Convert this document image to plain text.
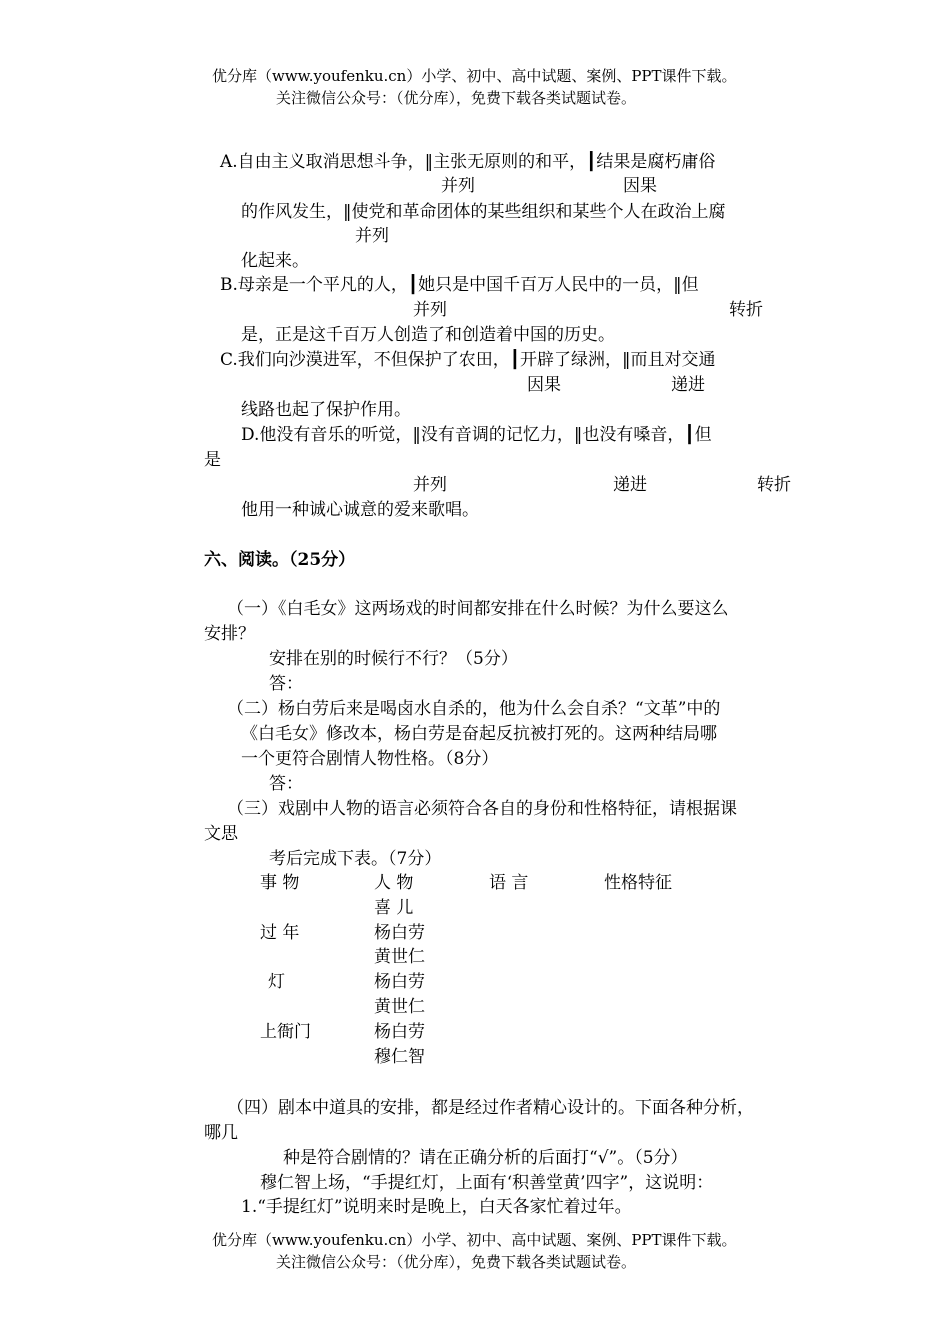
优分库（www.youfenku.cn）小学、初中、高中试题、案例、PPT课件下载。
关注微信公众号：（优分库），免费下载各类试题试卷。
A.自由主义取消思想斗争，‖主张无原则的和平，┃结果是腐朽庸俗
并列	因果
的作风发生，‖使党和革命团体的某些组织和某些个人在政治上腐
并列
化起来。
B.母亲是一个平凡的人，┃她只是中国千百万人民中的一员，‖但
并列	转折
是，正是这千百万人创造了和创造着中国的历史。
C.我们向沙漠进军，不但保护了农田，┃开辟了绿洲，‖而且对交通
因果	递进
线路也起了保护作用。
D.他没有音乐的听觉，‖没有音调的记忆力，‖也没有嗓音，┃但
是
并列	递进	转折
他用一种诚心诚意的爱来歌唱。
六、阅读。（25分）
（一）《白毛女》这两场戏的时间都安排在什么时候？为什么要这么
安排？
安排在别的时候行不行？（5分）
答：
（二）杨白劳后来是喝卤水自杀的，他为什么会自杀？“文革”中的
《白毛女》修改本，杨白劳是奋起反抗被打死的。这两种结局哪
一个更符合剧情人物性格。（8分）
答：
（三）戏剧中人物的语言必须符合各自的身份和性格特征，请根据课
文思
考后完成下表。（7分）
事 物	人 物	语 言	性格特征
喜 儿
过 年	杨白劳
黄世仁
灯	杨白劳
黄世仁
上衙门	杨白劳
穆仁智
（四）剧本中道具的安排，都是经过作者精心设计的。下面各种分析，
哪几
种是符合剧情的？请在正确分析的后面打“√”。（5分）
穆仁智上场，“手提红灯，上面有‘积善堂黄’四字”，这说明：
1.“手提红灯”说明来时是晚上，白天各家忙着过年。
优分库（www.youfenku.cn）小学、初中、高中试题、案例、PPT课件下载。
关注微信公众号：（优分库），免费下载各类试题试卷。
